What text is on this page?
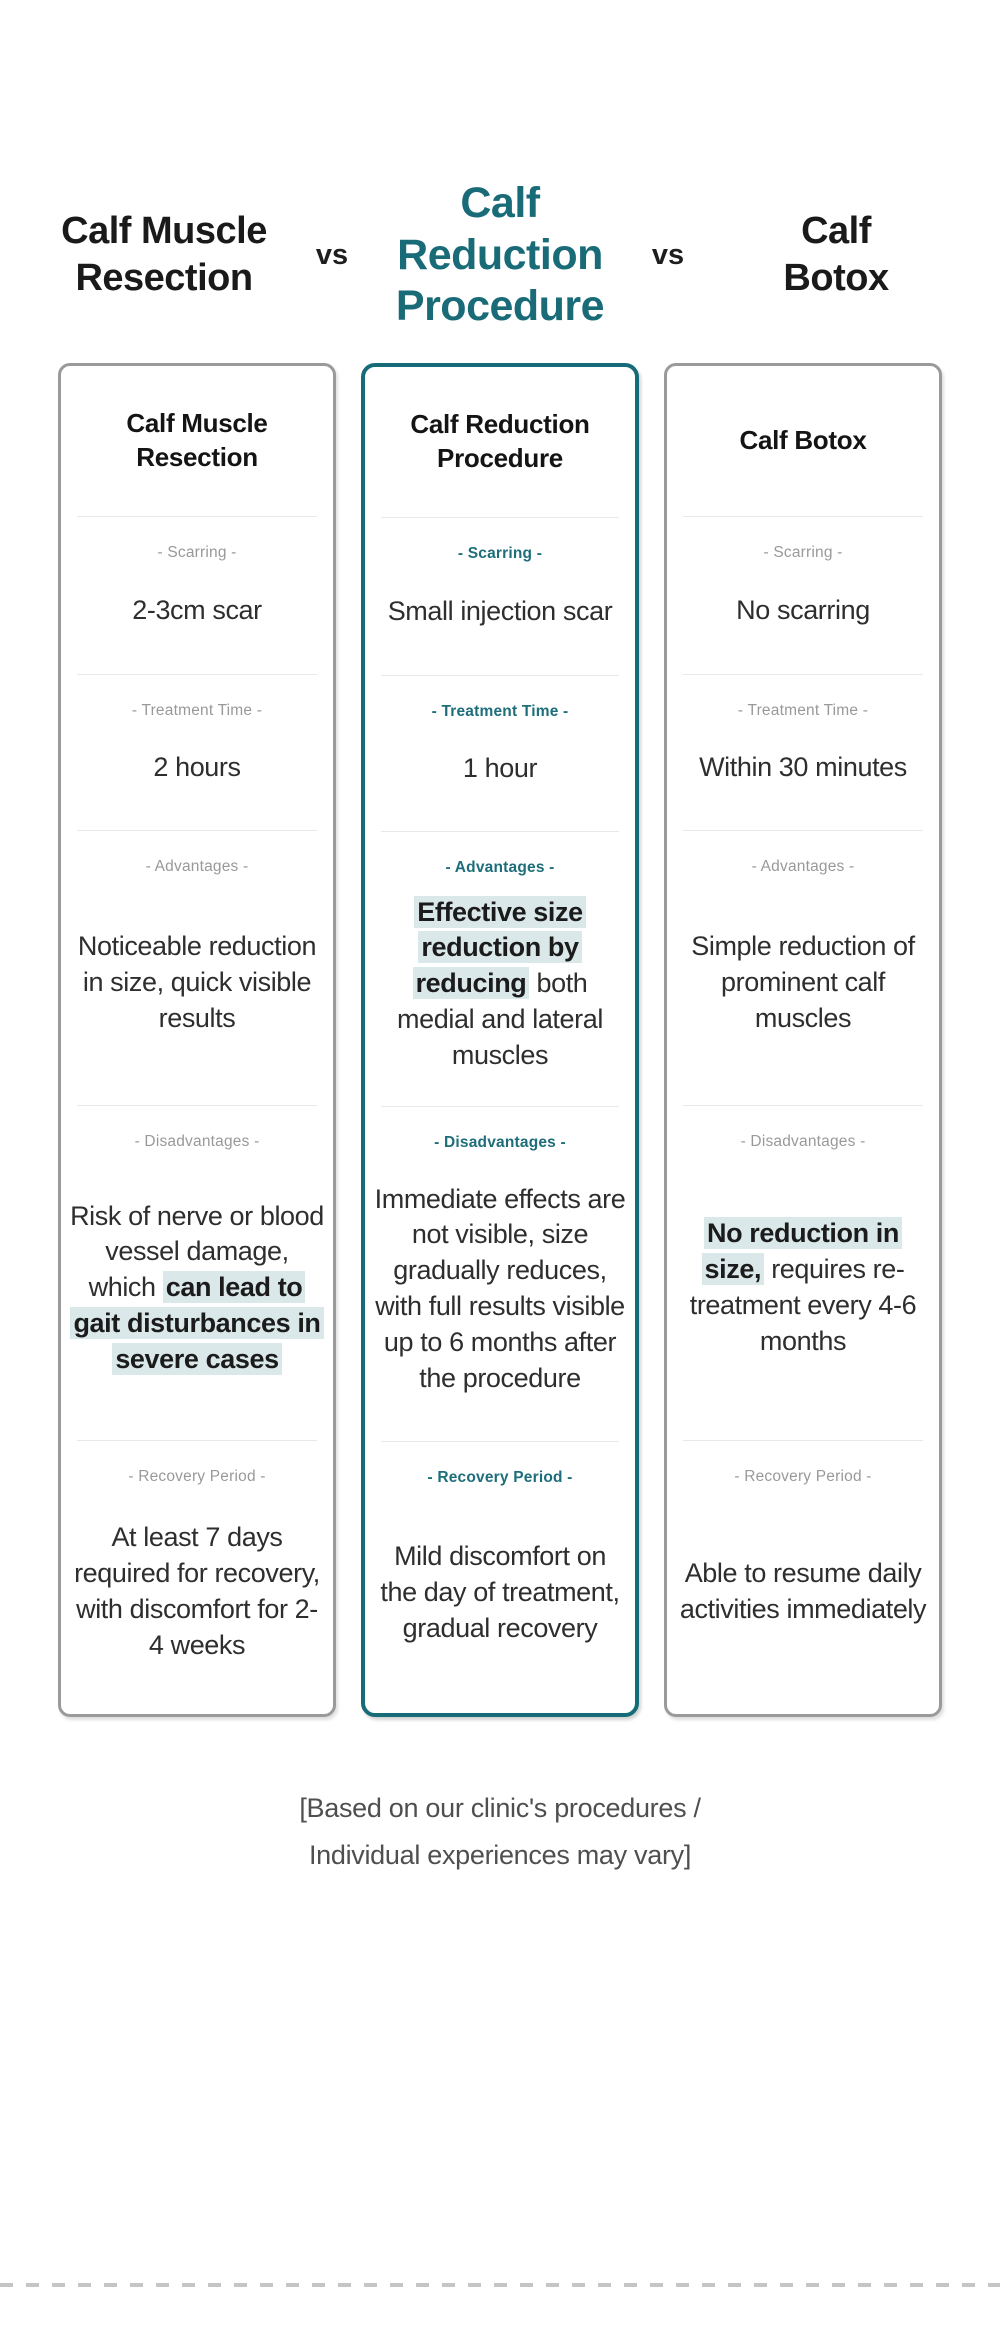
Calf Muscle Resection
vs
Calf Reduction Procedure
vs
Calf Botox
Calf Muscle Resection
- Scarring -
2-3cm scar
- Treatment Time -
2 hours
- Advantages -
Noticeable reduction in size, quick visible results
- Disadvantages -
Risk of nerve or blood vessel damage, which can lead to gait disturbances in severe cases
- Recovery Period -
At least 7 days required for recovery, with discomfort for 2-4 weeks
Calf Reduction Procedure
- Scarring -
Small injection scar
- Treatment Time -
1 hour
- Advantages -
Effective size reduction by reducing both medial and lateral muscles
- Disadvantages -
Immediate effects are not visible, size gradually reduces, with full results visible up to 6 months after the procedure
- Recovery Period -
Mild discomfort on the day of treatment, gradual recovery
Calf Botox
- Scarring -
No scarring
- Treatment Time -
Within 30 minutes
- Advantages -
Simple reduction of prominent calf muscles
- Disadvantages -
No reduction in size, requires re-treatment every 4-6 months
- Recovery Period -
Able to resume daily activities immediately
[Based on our clinic's procedures /
Individual experiences may vary]
